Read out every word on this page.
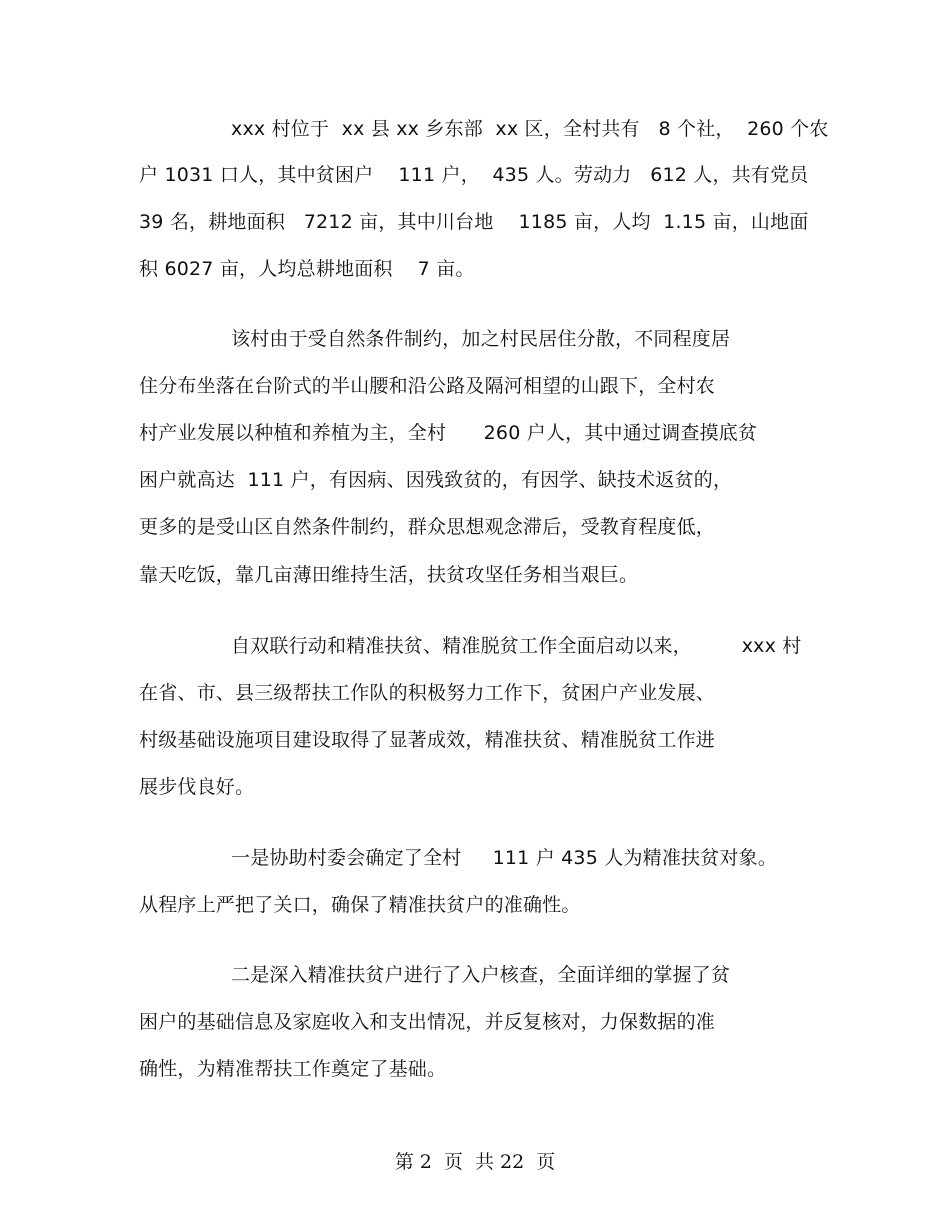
xxx 村位于  xx 县 xx 乡东部  xx 区，全村共有   8 个社，  260 个农
户 1031 口人，其中贫困户    111 户，  435 人。劳动力   612 人，共有党员
39 名，耕地面积   7212 亩，其中川台地    1185 亩，人均  1.15 亩，山地面
积 6027 亩，人均总耕地面积    7 亩。
该村由于受自然条件制约，加之村民居住分散，不同程度居
住分布坐落在台阶式的半山腰和沿公路及隔河相望的山跟下，全村农
村产业发展以种植和养植为主，全村      260 户人，其中通过调查摸底贫
困户就高达  111 户，有因病、因残致贫的，有因学、缺技术返贫的，
更多的是受山区自然条件制约，群众思想观念滞后，受教育程度低，
靠天吃饭，靠几亩薄田维持生活，扶贫攻坚任务相当艰巨。
自双联行动和精准扶贫、精准脱贫工作全面启动以来，        xxx 村
在省、市、县三级帮扶工作队的积极努力工作下，贫困户产业发展、
村级基础设施项目建设取得了显著成效，精准扶贫、精准脱贫工作进
展步伐良好。
一是协助村委会确定了全村     111 户 435 人为精准扶贫对象。
从程序上严把了关口，确保了精准扶贫户的准确性。
二是深入精准扶贫户进行了入户核查，全面详细的掌握了贫
困户的基础信息及家庭收入和支出情况，并反复核对，力保数据的准
确性，为精准帮扶工作奠定了基础。
第 2  页  共 22  页
